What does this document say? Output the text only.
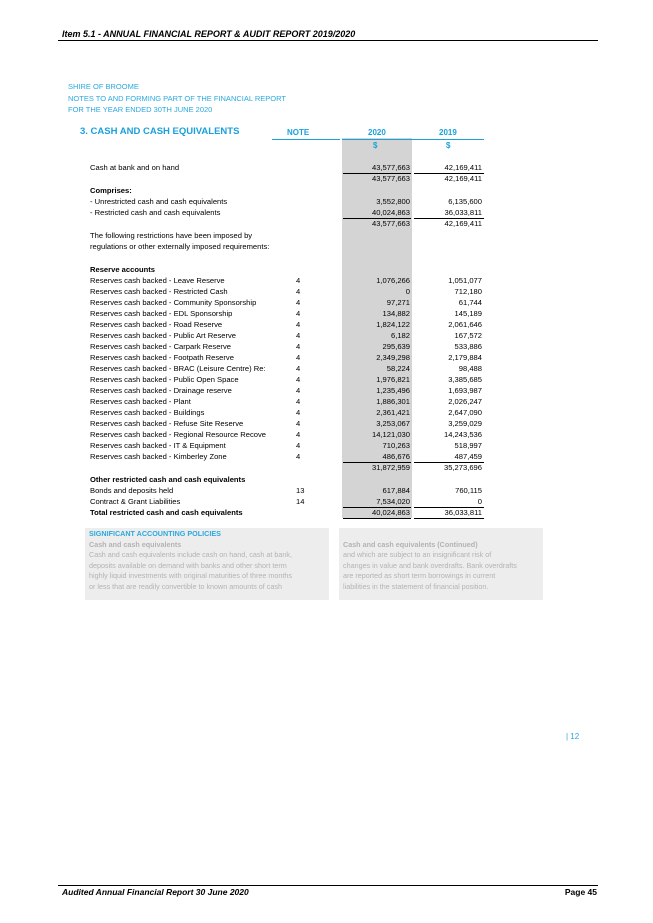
Item 5.1 - ANNUAL FINANCIAL REPORT & AUDIT REPORT 2019/2020
SHIRE OF BROOME
NOTES TO AND FORMING PART OF THE FINANCIAL REPORT
FOR THE YEAR ENDED 30TH JUNE 2020
3. CASH AND CASH EQUIVALENTS	NOTE	2020	2019
$	$
Cash at bank and on hand	43,577,663	42,169,411
43,577,663	42,169,411
Comprises:
- Unrestricted cash and cash equivalents	3,552,800	6,135,600
- Restricted cash and cash equivalents	40,024,863	36,033,811
43,577,663	42,169,411
The following restrictions have been imposed by
regulations or other externally imposed requirements:
Reserve accounts
Reserves cash backed - Leave Reserve	4	1,076,266	1,051,077
Reserves cash backed - Restricted Cash	4	0	712,180
Reserves cash backed - Community Sponsorship	4	97,271	61,744
Reserves cash backed - EDL Sponsorship	4	134,882	145,189
Reserves cash backed - Road Reserve	4	1,824,122	2,061,646
Reserves cash backed - Public Art Reserve	4	6,182	167,572
Reserves cash backed - Carpark Reserve	4	295,639	533,886
Reserves cash backed - Footpath Reserve	4	2,349,298	2,179,884
Reserves cash backed - BRAC (Leisure Centre) Re:	4	58,224	98,488
Reserves cash backed - Public Open Space	4	1,976,821	3,385,685
Reserves cash backed - Drainage reserve	4	1,235,496	1,693,987
Reserves cash backed - Plant	4	1,886,301	2,026,247
Reserves cash backed - Buildings	4	2,361,421	2,647,090
Reserves cash backed - Refuse Site Reserve	4	3,253,067	3,259,029
Reserves cash backed - Regional Resource Recove	4	14,121,030	14,243,536
Reserves cash backed - IT & Equipment	4	710,263	518,997
Reserves cash backed - Kimberley Zone	4	486,676	487,459
31,872,959	35,273,696
Other restricted cash and cash equivalents
Bonds and deposits held	13	617,884	760,115
Contract & Grant Liabilities	14	7,534,020	0
Total restricted cash and cash equivalents	40,024,863	36,033,811
SIGNIFICANT ACCOUNTING POLICIES
Cash and cash equivalents
Cash and cash equivalents include cash on hand, cash at bank,
deposits available on demand with banks and other short term
highly liquid investments with original maturities of three months
or less that are readily convertible to known amounts of cash
Cash and cash equivalents (Continued)
and which are subject to an insignificant risk of
changes in value and bank overdrafts. Bank overdrafts
are reported as short term borrowings in current
liabilities in the statement of financial position.
| 12
Audited Annual Financial Report 30 June 2020	Page 45
